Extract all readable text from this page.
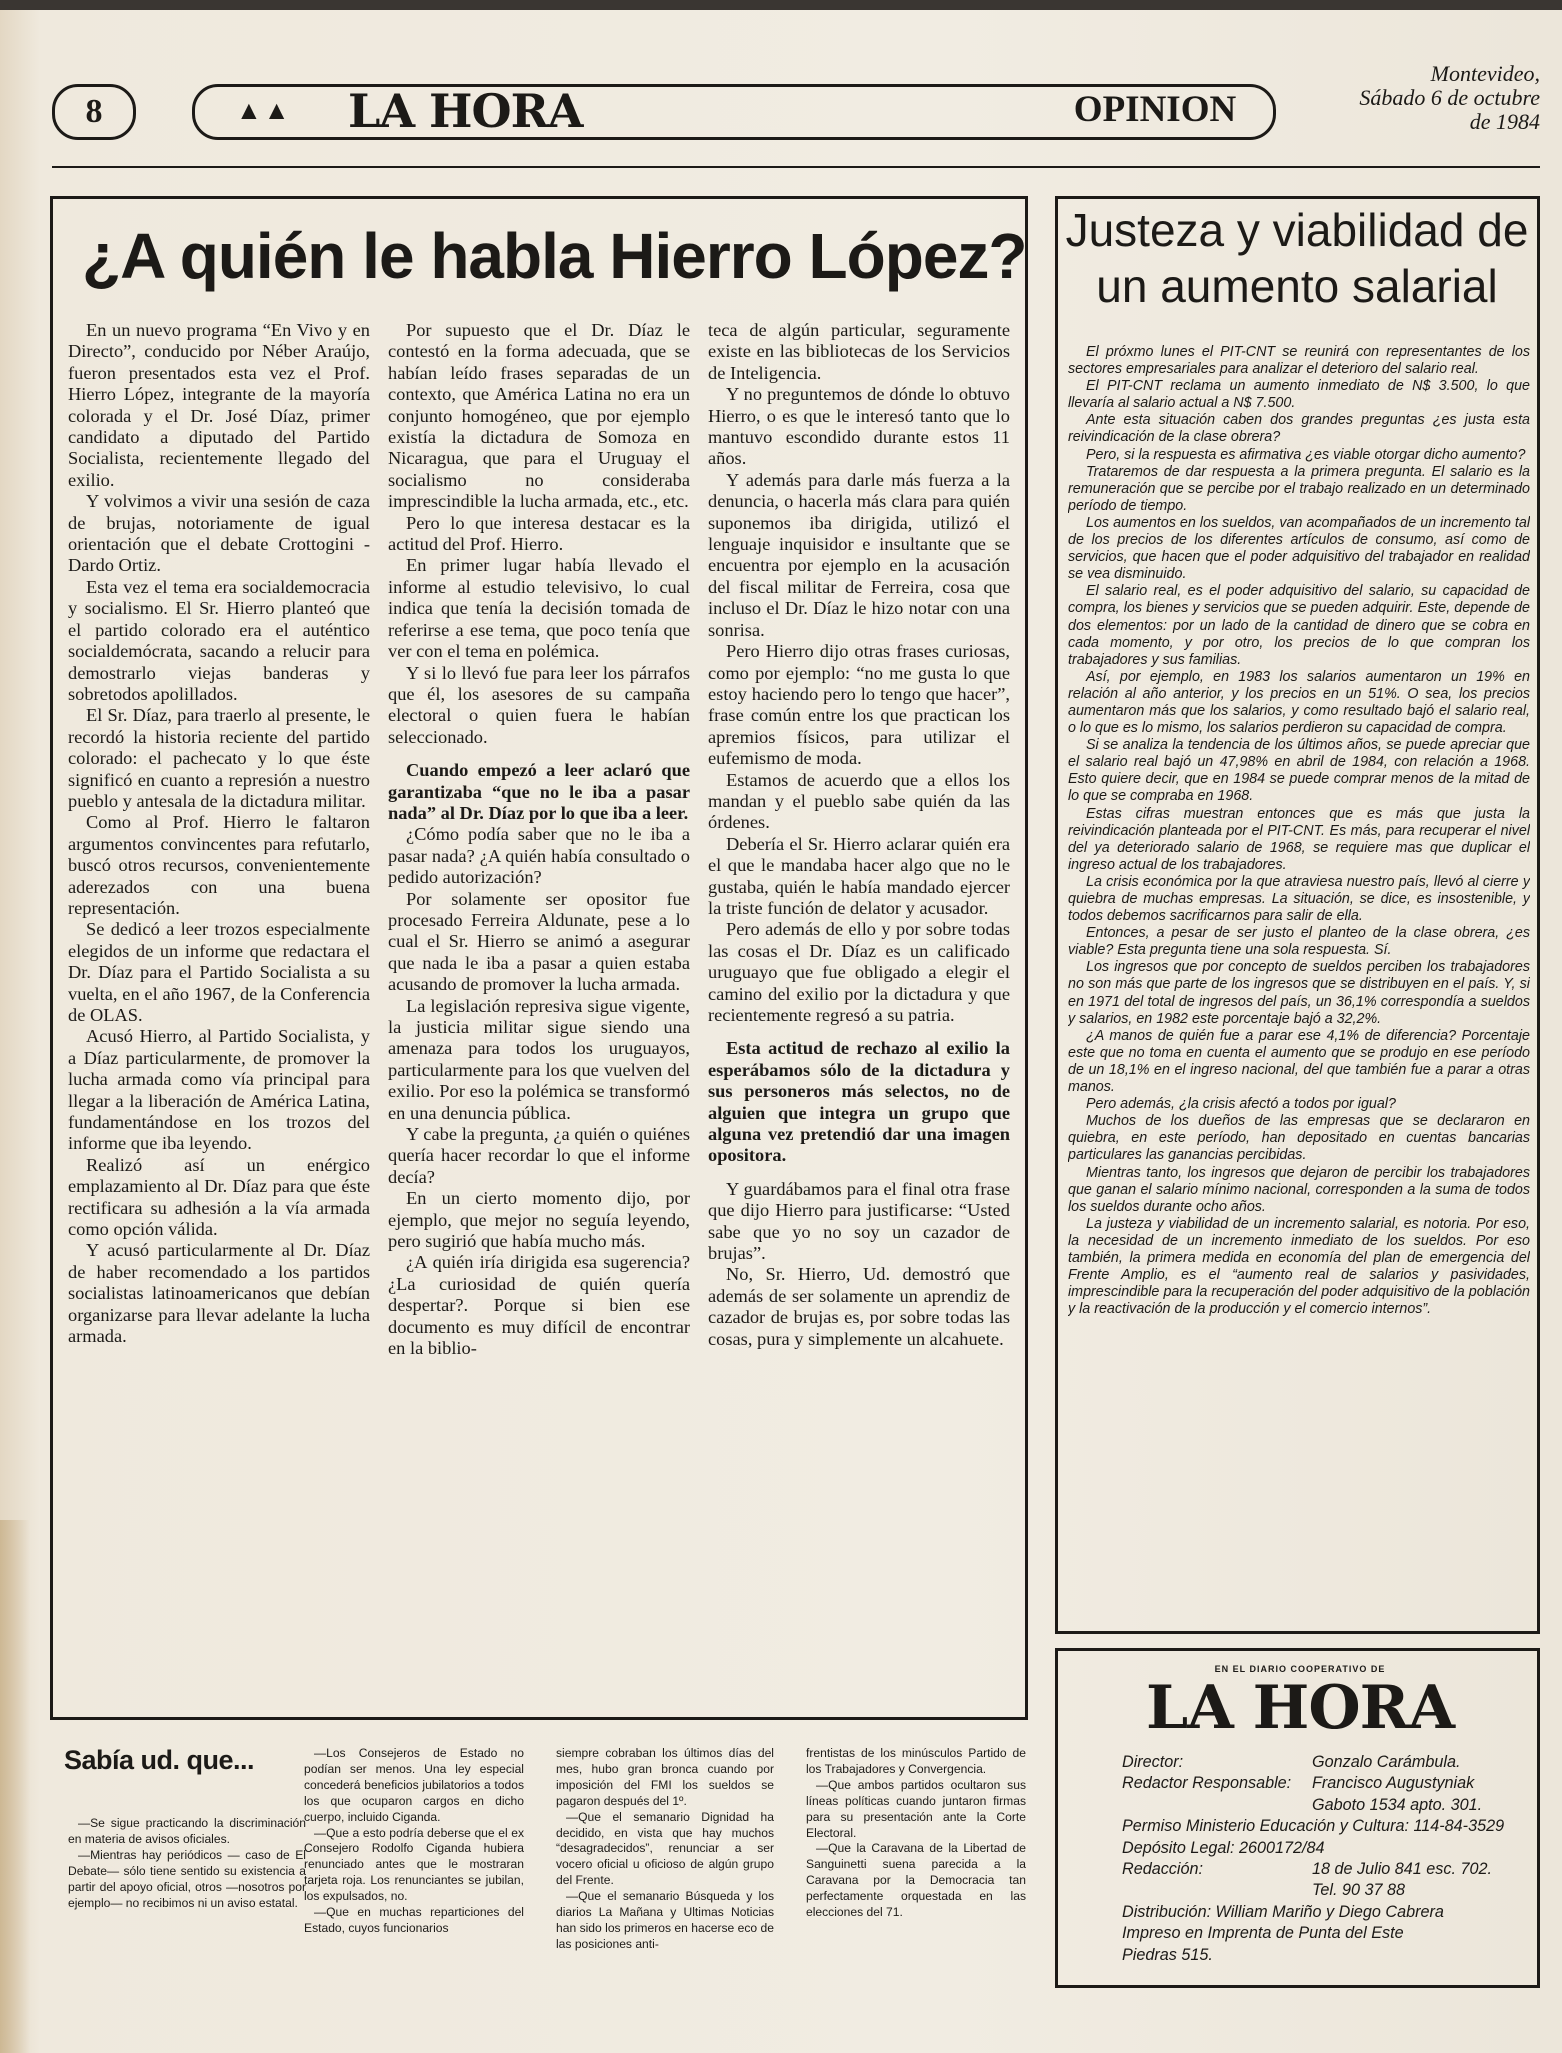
8	▲▲ LA HORA	OPINION
Montevideo,
Sábado 6 de octubre
de 1984
¿A quién le habla Hierro López?

En un nuevo programa “En Vivo y en Directo”, conducido por Néber Araújo, fueron presentados esta vez el Prof. Hierro López, integrante de la mayoría colorada y el Dr. José Díaz, primer candidato a diputado del Partido Socialista, recientemente llegado del exilio.

Y volvimos a vivir una sesión de caza de brujas, notoriamente de igual orientación que el debate Crottogini - Dardo Ortiz.

Esta vez el tema era socialdemocracia y socialismo. El Sr. Hierro planteó que el partido colorado era el auténtico socialdemócrata, sacando a relucir para demostrarlo viejas banderas y sobretodos apolillados.

El Sr. Díaz, para traerlo al presente, le recordó la historia reciente del partido colorado: el pachecato y lo que éste significó en cuanto a represión a nuestro pueblo y antesala de la dictadura militar.

Como al Prof. Hierro le faltaron argumentos convincentes para refutarlo, buscó otros recursos, convenientemente aderezados con una buena representación.

Se dedicó a leer trozos especialmente elegidos de un informe que redactara el Dr. Díaz para el Partido Socialista a su vuelta, en el año 1967, de la Conferencia de OLAS.

Acusó Hierro, al Partido Socialista, y a Díaz particularmente, de promover la lucha armada como vía principal para llegar a la liberación de América Latina, fundamentándose en los trozos del informe que iba leyendo.

Realizó así un enérgico emplazamiento al Dr. Díaz para que éste rectificara su adhesión a la vía armada como opción válida.

Y acusó particularmente al Dr. Díaz de haber recomendado a los partidos socialistas latinoamericanos que debían organizarse para llevar adelante la lucha armada.

Por supuesto que el Dr. Díaz le contestó en la forma adecuada, que se habían leído frases separadas de un contexto, que América Latina no era un conjunto homogéneo, que por ejemplo existía la dictadura de Somoza en Nicaragua, que para el Uruguay el socialismo no consideraba imprescindible la lucha armada, etc., etc.

Pero lo que interesa destacar es la actitud del Prof. Hierro.

En primer lugar había llevado el informe al estudio televisivo, lo cual indica que tenía la decisión tomada de referirse a ese tema, que poco tenía que ver con el tema en polémica.

Y si lo llevó fue para leer los párrafos que él, los asesores de su campaña electoral o quien fuera le habían seleccionado.

Cuando empezó a leer aclaró que garantizaba “que no le iba a pasar nada” al Dr. Díaz por lo que iba a leer.

¿Cómo podía saber que no le iba a pasar nada? ¿A quién había consultado o pedido autorización?

Por solamente ser opositor fue procesado Ferreira Aldunate, pese a lo cual el Sr. Hierro se animó a asegurar que nada le iba a pasar a quien estaba acusando de promover la lucha armada.

La legislación represiva sigue vigente, la justicia militar sigue siendo una amenaza para todos los uruguayos, particularmente para los que vuelven del exilio. Por eso la polémica se transformó en una denuncia pública.

Y cabe la pregunta, ¿a quién o quiénes quería hacer recordar lo que el informe decía?

En un cierto momento dijo, por ejemplo, que mejor no seguía leyendo, pero sugirió que había mucho más.

¿A quién iría dirigida esa sugerencia? ¿La curiosidad de quién quería despertar?. Porque si bien ese documento es muy difícil de encontrar en la biblio-

teca de algún particular, seguramente existe en las bibliotecas de los Servicios de Inteligencia.

Y no preguntemos de dónde lo obtuvo Hierro, o es que le interesó tanto que lo mantuvo escondido durante estos 11 años.

Y además para darle más fuerza a la denuncia, o hacerla más clara para quién suponemos iba dirigida, utilizó el lenguaje inquisidor e insultante que se encuentra por ejemplo en la acusación del fiscal militar de Ferreira, cosa que incluso el Dr. Díaz le hizo notar con una sonrisa.

Pero Hierro dijo otras frases curiosas, como por ejemplo: “no me gusta lo que estoy haciendo pero lo tengo que hacer”, frase común entre los que practican los apremios físicos, para utilizar el eufemismo de moda.

Estamos de acuerdo que a ellos los mandan y el pueblo sabe quién da las órdenes.

Debería el Sr. Hierro aclarar quién era el que le mandaba hacer algo que no le gustaba, quién le había mandado ejercer la triste función de delator y acusador.

Pero además de ello y por sobre todas las cosas el Dr. Díaz es un calificado uruguayo que fue obligado a elegir el camino del exilio por la dictadura y que recientemente regresó a su patria.

Esta actitud de rechazo al exilio la esperábamos sólo de la dictadura y sus personeros más selectos, no de alguien que integra un grupo que alguna vez pretendió dar una imagen opositora.

Y guardábamos para el final otra frase que dijo Hierro para justificarse: “Usted sabe que yo no soy un cazador de brujas”.

No, Sr. Hierro, Ud. demostró que además de ser solamente un aprendiz de cazador de brujas es, por sobre todas las cosas, pura y simplemente un alcahuete.

Justeza y viabilidad de un aumento salarial

El próxmo lunes el PIT-CNT se reunirá con representantes de los sectores empresariales para analizar el deterioro del salario real.

El PIT-CNT reclama un aumento inmediato de N$ 3.500, lo que llevaría al salario actual a N$ 7.500.

Ante esta situación caben dos grandes preguntas ¿es justa esta reivindicación de la clase obrera?

Pero, si la respuesta es afirmativa ¿es viable otorgar dicho aumento?

Trataremos de dar respuesta a la primera pregunta. El salario es la remuneración que se percibe por el trabajo realizado en un determinado período de tiempo.

Los aumentos en los sueldos, van acompañados de un incremento tal de los precios de los diferentes artículos de consumo, así como de servicios, que hacen que el poder adquisitivo del trabajador en realidad se vea disminuido.

El salario real, es el poder adquisitivo del salario, su capacidad de compra, los bienes y servicios que se pueden adquirir. Este, depende de dos elementos: por un lado de la cantidad de dinero que se cobra en cada momento, y por otro, los precios de lo que compran los trabajadores y sus familias.

Así, por ejemplo, en 1983 los salarios aumentaron un 19% en relación al año anterior, y los precios en un 51%. O sea, los precios aumentaron más que los salarios, y como resultado bajó el salario real, o lo que es lo mismo, los salarios perdieron su capacidad de compra.

Si se analiza la tendencia de los últimos años, se puede apreciar que el salario real bajó un 47,98% en abril de 1984, con relación a 1968. Esto quiere decir, que en 1984 se puede comprar menos de la mitad de lo que se compraba en 1968.

Estas cifras muestran entonces que es más que justa la reivindicación planteada por el PIT-CNT. Es más, para recuperar el nivel del ya deteriorado salario de 1968, se requiere mas que duplicar el ingreso actual de los trabajadores.

La crisis económica por la que atraviesa nuestro país, llevó al cierre y quiebra de muchas empresas. La situación, se dice, es insostenible, y todos debemos sacrificarnos para salir de ella.

Entonces, a pesar de ser justo el planteo de la clase obrera, ¿es viable? Esta pregunta tiene una sola respuesta. Sí.

Los ingresos que por concepto de sueldos perciben los trabajadores no son más que parte de los ingresos que se distribuyen en el país. Y, si en 1971 del total de ingresos del país, un 36,1% correspondía a sueldos y salarios, en 1982 este porcentaje bajó a 32,2%.

¿A manos de quién fue a parar ese 4,1% de diferencia? Porcentaje este que no toma en cuenta el aumento que se produjo en ese período de un 18,1% en el ingreso nacional, del que también fue a parar a otras manos.

Pero además, ¿la crisis afectó a todos por igual?

Muchos de los dueños de las empresas que se declararon en quiebra, en este período, han depositado en cuentas bancarias particulares las ganancias percibidas.

Mientras tanto, los ingresos que dejaron de percibir los trabajadores que ganan el salario mínimo nacional, corresponden a la suma de todos los sueldos durante ocho años.

La justeza y viabilidad de un incremento salarial, es notoria. Por eso, la necesidad de un incremento inmediato de los sueldos. Por eso también, la primera medida en economía del plan de emergencia del Frente Amplio, es el “aumento real de salarios y pasividades, imprescindible para la recuperación del poder adquisitivo de la población y la reactivación de la producción y el comercio internos”.

EN EL DIARIO COOPERATIVO DE
LA HORA
Director:	Gonzalo Carámbula.
Redactor Responsable:	Francisco Augustyniak
Gaboto 1534 apto. 301.
Permiso Ministerio Educación y Cultura: 114-84-3529
Depósito Legal: 2600172/84
Redacción:	18 de Julio 841 esc. 702.
Tel. 90 37 88
Distribución: William Mariño y Diego Cabrera
Impreso en Imprenta de Punta del Este
Piedras 515.
Sabía ud. que...

—Se sigue practicando la discriminación en materia de avisos oficiales.

—Mientras hay periódicos — caso de El Debate— sólo tiene sentido su existencia a partir del apoyo oficial, otros —nosotros por ejemplo— no recibimos ni un aviso estatal.

—Los Consejeros de Estado no podían ser menos. Una ley especial concederá beneficios jubilatorios a todos los que ocuparon cargos en dicho cuerpo, incluido Ciganda.

—Que a esto podría deberse que el ex Consejero Rodolfo Ciganda hubiera renunciado antes que le mostraran tarjeta roja. Los renunciantes se jubilan, los expulsados, no.

—Que en muchas reparticiones del Estado, cuyos funcionarios

siempre cobraban los últimos días del mes, hubo gran bronca cuando por imposición del FMI los sueldos se pagaron después del 1º.

—Que el semanario Dignidad ha decidido, en vista que hay muchos “desagradecidos”, renunciar a ser vocero oficial u oficioso de algún grupo del Frente.

—Que el semanario Búsqueda y los diarios La Mañana y Ultimas Noticias han sido los primeros en hacerse eco de las posiciones anti-

frentistas de los minúsculos Partido de los Trabajadores y Convergencia.

—Que ambos partidos ocultaron sus líneas políticas cuando juntaron firmas para su presentación ante la Corte Electoral.

—Que la Caravana de la Libertad de Sanguinetti suena parecida a la Caravana por la Democracia tan perfectamente orquestada en las elecciones del 71.
